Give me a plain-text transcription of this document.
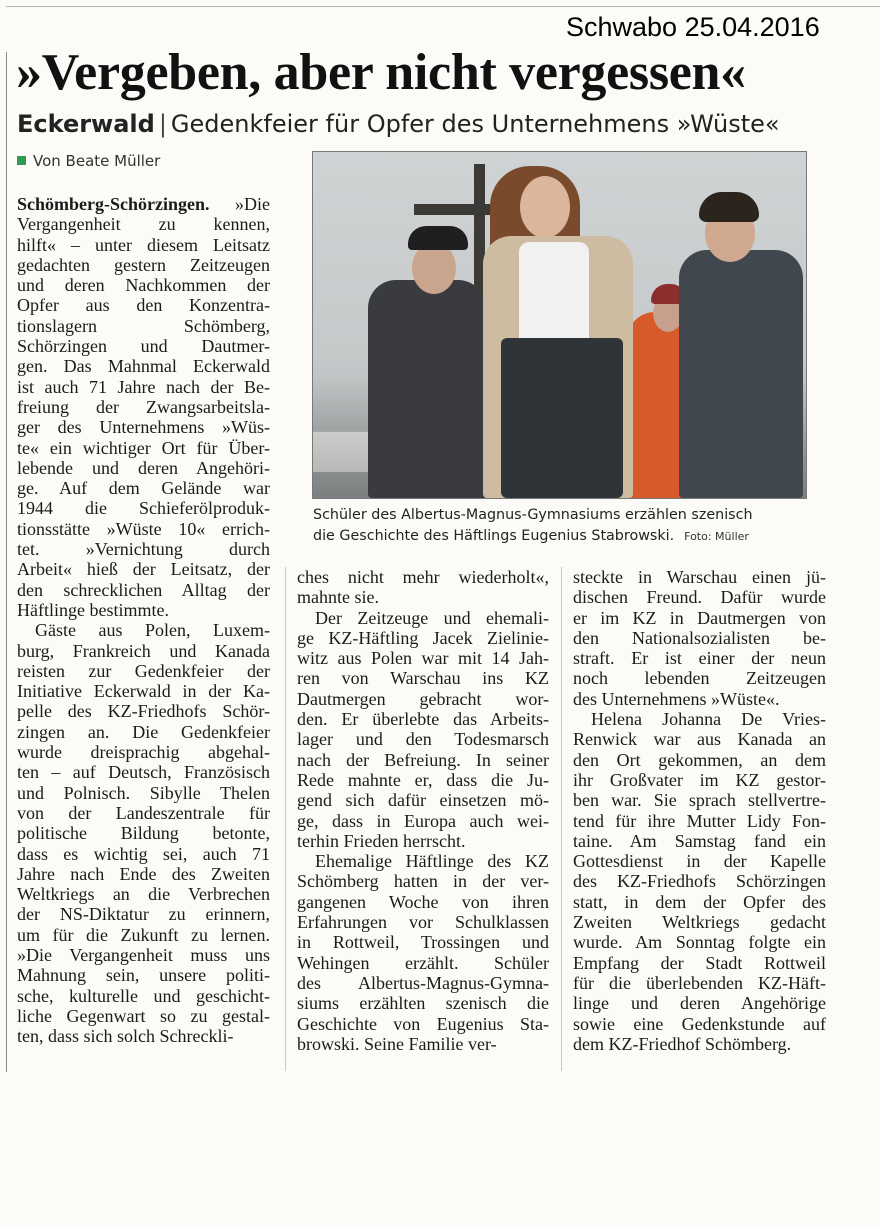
Schwabo 25.04.2016
»Vergeben, aber nicht vergessen«
Eckerwald | Gedenkfeier für Opfer des Unternehmens »Wüste«
Von Beate Müller
Schüler des Albertus-Magnus-Gymnasiums erzählen szenisch
die Geschichte des Häftlings Eugenius Stabrowski. Foto: Müller

Schömberg-Schörzingen. »Die

Vergangenheit zu kennen,
hilft« – unter diesem Leitsatz
gedachten gestern Zeitzeugen
und deren Nachkommen der
Opfer aus den Konzentra-
tionslagern Schömberg,
Schörzingen und Dautmer-
gen. Das Mahnmal Eckerwald
ist auch 71 Jahre nach der Be-
freiung der Zwangsarbeitsla-
ger des Unternehmens »Wüs-
te« ein wichtiger Ort für Über-
lebende und deren Angehöri-
ge. Auf dem Gelände war
1944 die Schieferölproduk-
tionsstätte »Wüste 10« errich-
tet. »Vernichtung durch
Arbeit« hieß der Leitsatz, der
den schrecklichen Alltag der
Häftlinge bestimmte.
Gäste aus Polen, Luxem-
burg, Frankreich und Kanada
reisten zur Gedenkfeier der
Initiative Eckerwald in der Ka-
pelle des KZ-Friedhofs Schör-
zingen an. Die Gedenkfeier
wurde dreisprachig abgehal-
ten – auf Deutsch, Französisch
und Polnisch. Sibylle Thelen
von der Landeszentrale für
politische Bildung betonte,
dass es wichtig sei, auch 71
Jahre nach Ende des Zweiten
Weltkriegs an die Verbrechen
der NS-Diktatur zu erinnern,
um für die Zukunft zu lernen.
»Die Vergangenheit muss uns
Mahnung sein, unsere politi-
sche, kulturelle und geschicht-
liche Gegenwart so zu gestal-
ten, dass sich solch Schreckli-
ches nicht mehr wiederholt«,
mahnte sie.
Der Zeitzeuge und ehemali-
ge KZ-Häftling Jacek Zielinie-
witz aus Polen war mit 14 Jah-
ren von Warschau ins KZ
Dautmergen gebracht wor-
den. Er überlebte das Arbeits-
lager und den Todesmarsch
nach der Befreiung. In seiner
Rede mahnte er, dass die Ju-
gend sich dafür einsetzen mö-
ge, dass in Europa auch wei-
terhin Frieden herrscht.
Ehemalige Häftlinge des KZ
Schömberg hatten in der ver-
gangenen Woche von ihren
Erfahrungen vor Schulklassen
in Rottweil, Trossingen und
Wehingen erzählt. Schüler
des Albertus-Magnus-Gymna-
siums erzählten szenisch die
Geschichte von Eugenius Sta-
browski. Seine Familie ver-
steckte in Warschau einen jü-
dischen Freund. Dafür wurde
er im KZ in Dautmergen von
den Nationalsozialisten be-
straft. Er ist einer der neun
noch lebenden Zeitzeugen
des Unternehmens »Wüste«.
Helena Johanna De Vries-
Renwick war aus Kanada an
den Ort gekommen, an dem
ihr Großvater im KZ gestor-
ben war. Sie sprach stellvertre-
tend für ihre Mutter Lidy Fon-
taine. Am Samstag fand ein
Gottesdienst in der Kapelle
des KZ-Friedhofs Schörzingen
statt, in dem der Opfer des
Zweiten Weltkriegs gedacht
wurde. Am Sonntag folgte ein
Empfang der Stadt Rottweil
für die überlebenden KZ-Häft-
linge und deren Angehörige
sowie eine Gedenkstunde auf
dem KZ-Friedhof Schömberg.
